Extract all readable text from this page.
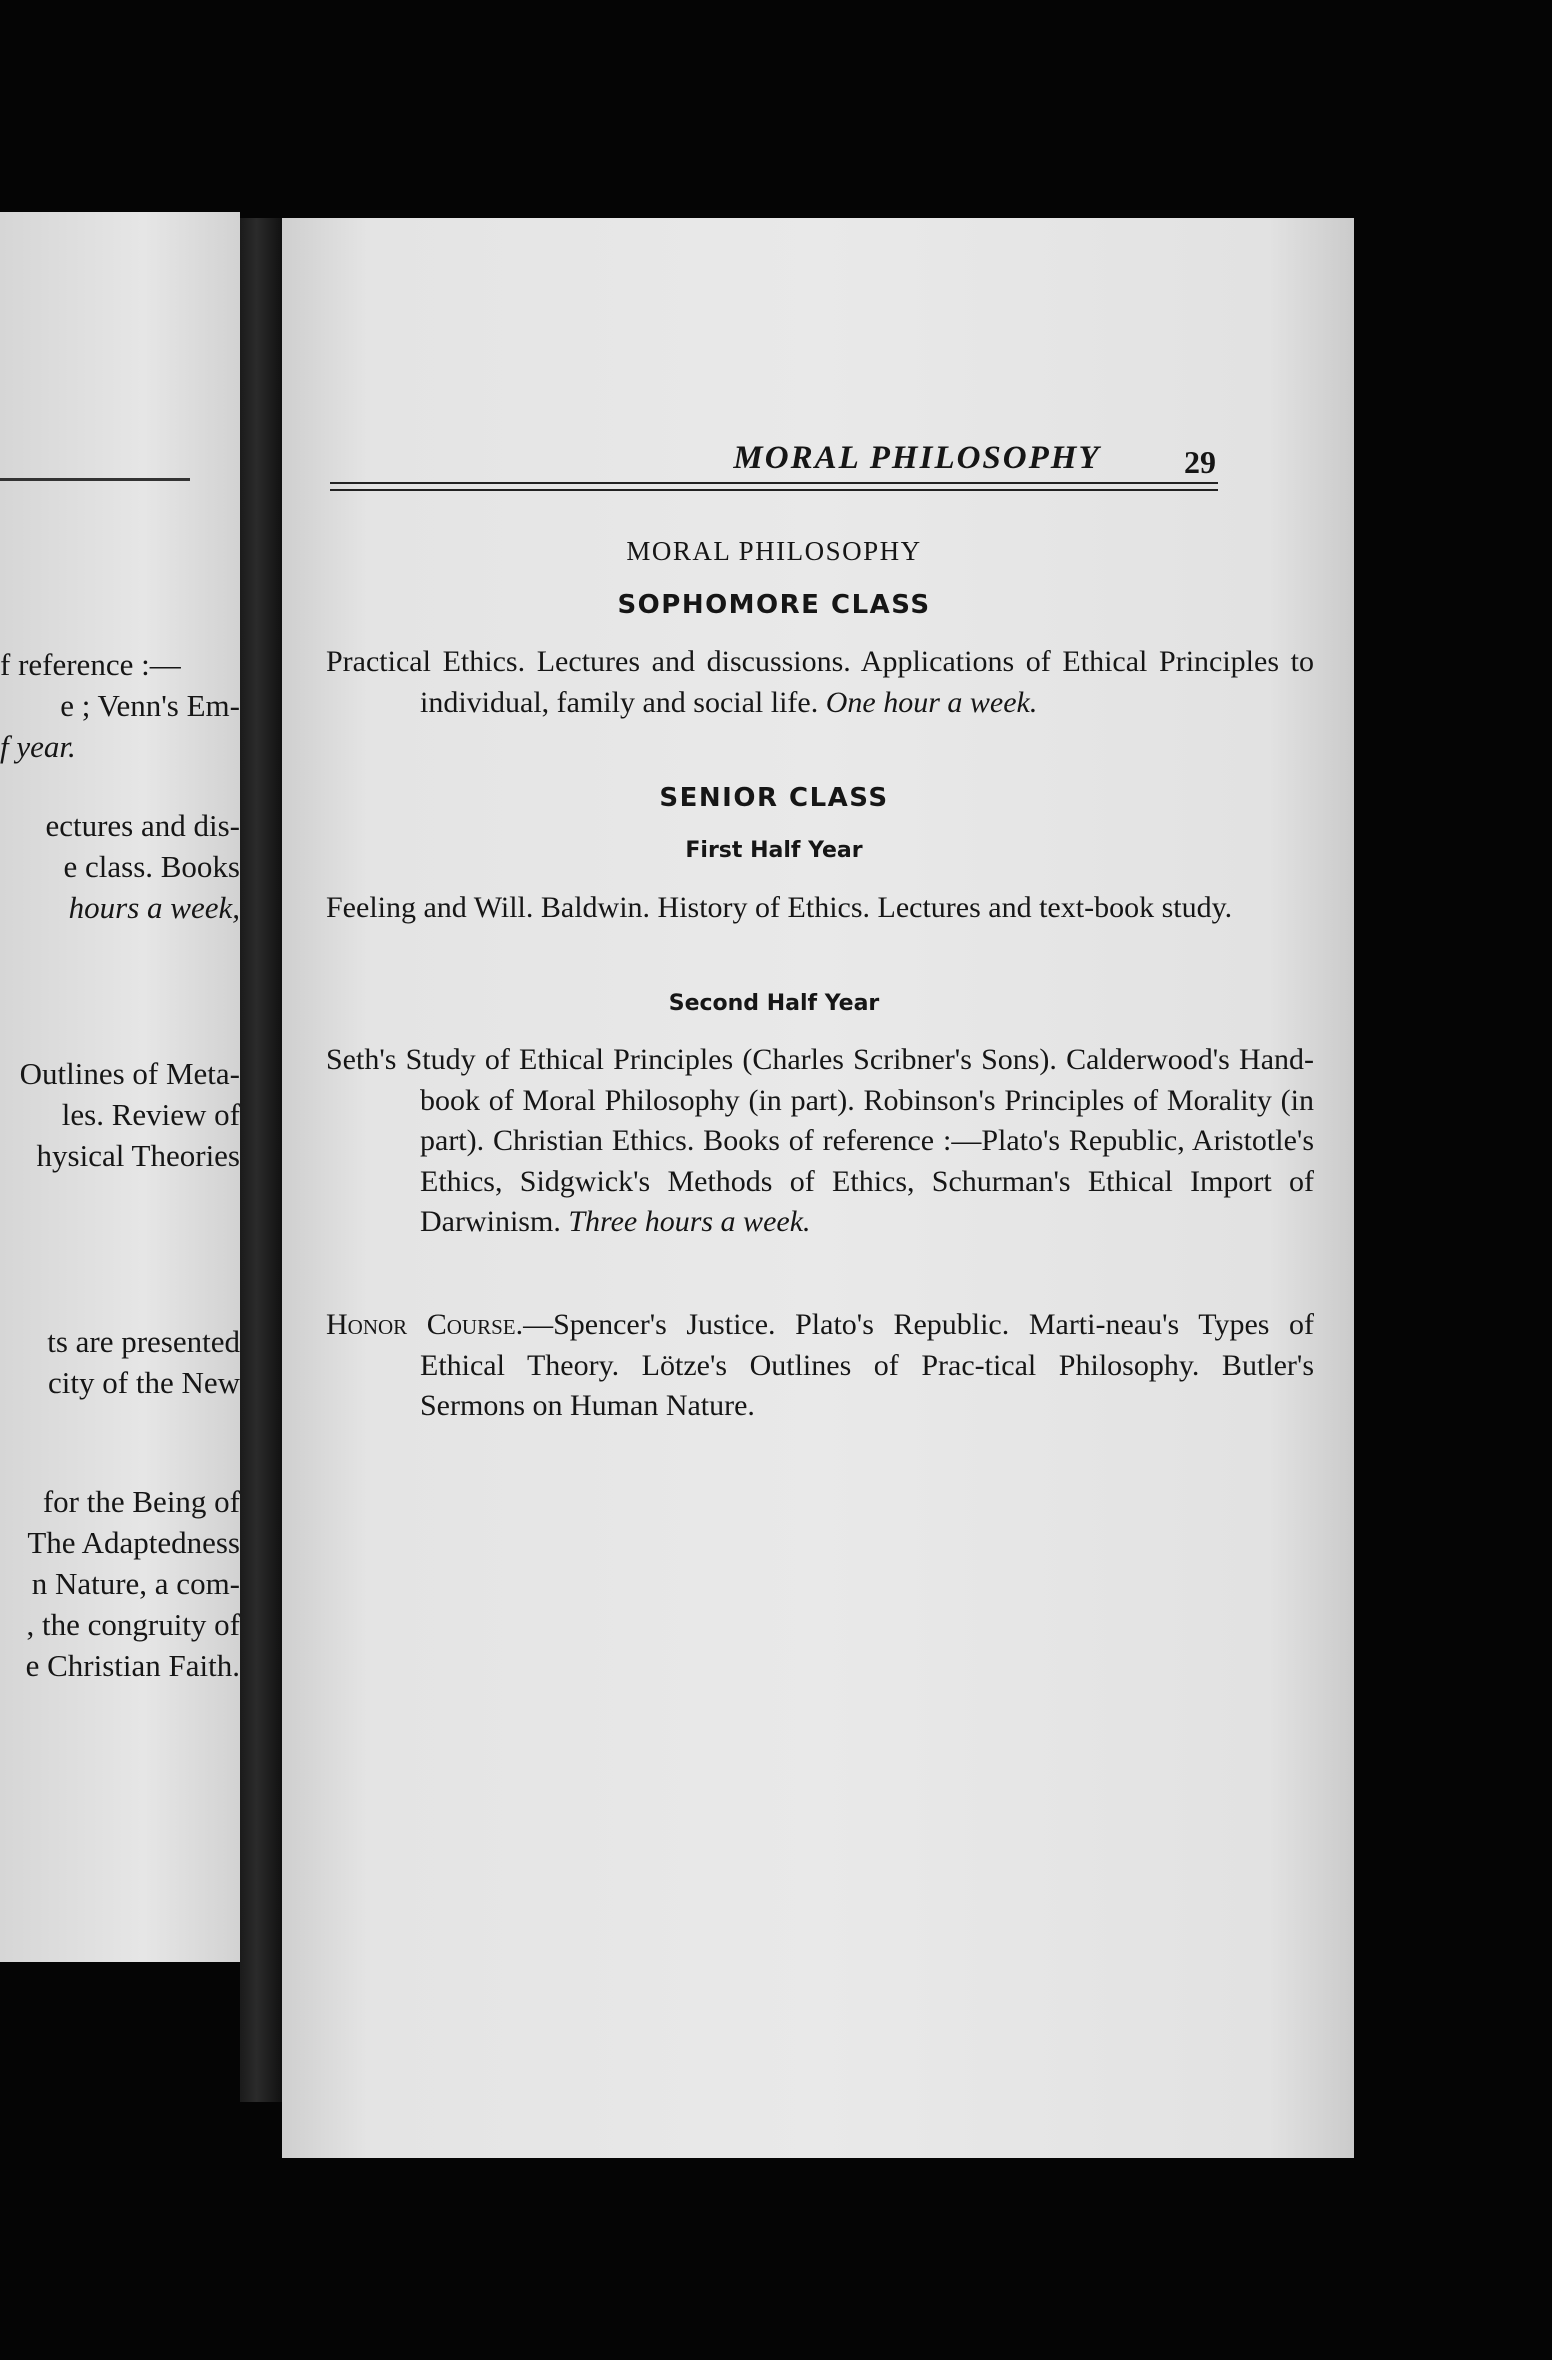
f reference :—
e ; Venn's Em-
f year.
ectures and dis-
e class. Books
hours a week,
Outlines of Meta-
les. Review of
hysical Theories
ts are presented
city of the New
for the Being of
The Adaptedness
n Nature, a com-
, the congruity of
e Christian Faith.
MORAL PHILOSOPHY	29
MORAL PHILOSOPHY
SOPHOMORE CLASS
Practical Ethics. Lectures and discussions. Applications of Ethical Principles to individual, family and social life. One hour a week.
SENIOR CLASS
First Half Year
Feeling and Will. Baldwin. History of Ethics. Lectures and text-book study.
Second Half Year
Seth's Study of Ethical Principles (Charles Scribner's Sons). Calderwood's Hand-book of Moral Philosophy (in part). Robinson's Principles of Morality (in part). Christian Ethics. Books of reference :—Plato's Republic, Aristotle's Ethics, Sidgwick's Methods of Ethics, Schurman's Ethical Import of Darwinism. Three hours a week.
Honor Course.—Spencer's Justice. Plato's Republic. Marti-neau's Types of Ethical Theory. Lötze's Outlines of Prac-tical Philosophy. Butler's Sermons on Human Nature.
